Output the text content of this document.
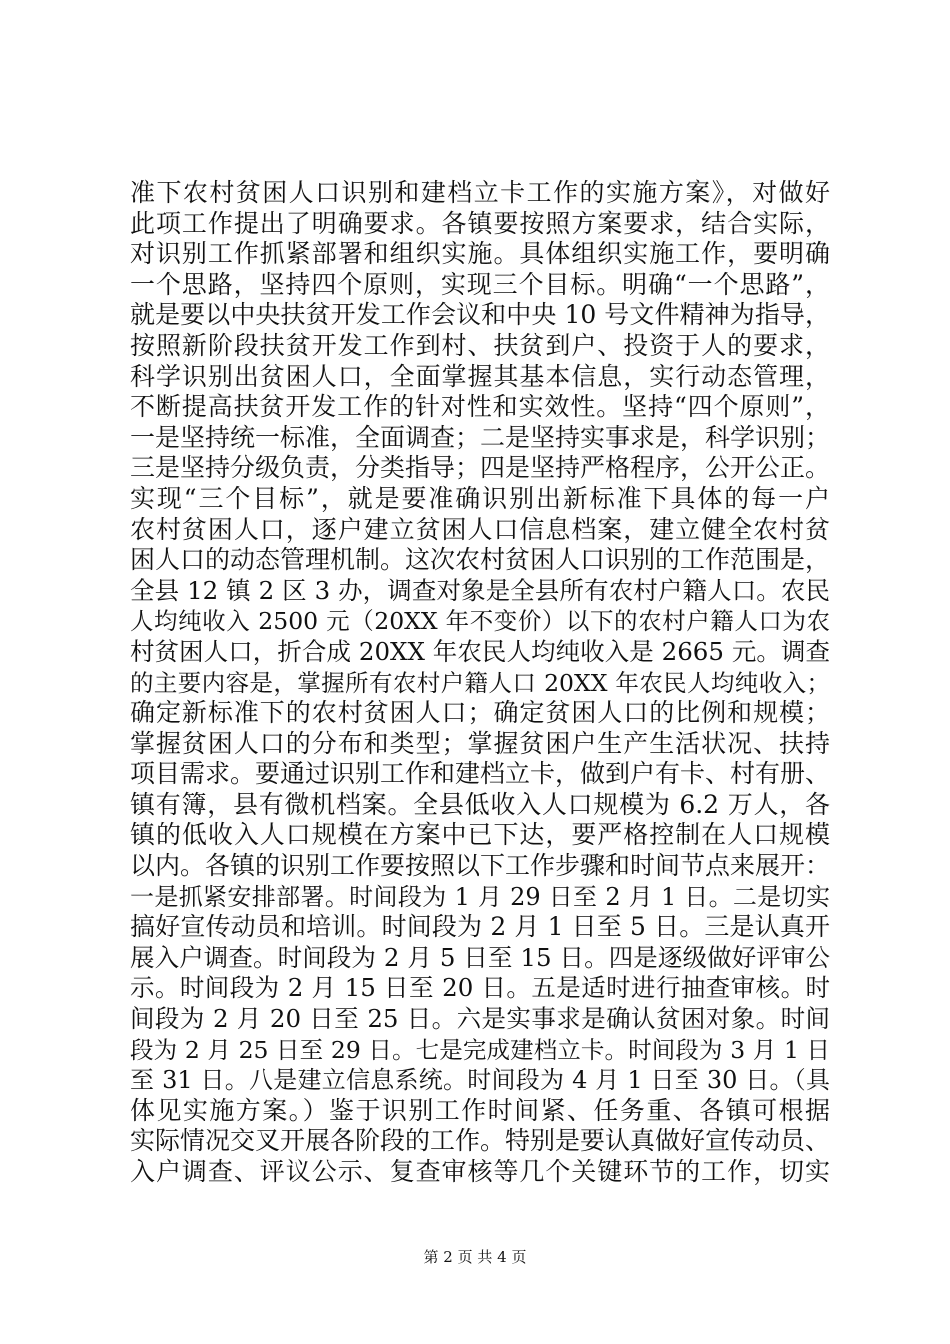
准下农村贫困人口识别和建档立卡工作的实施方案》，对做好
此项工作提出了明确要求。各镇要按照方案要求，结合实际，
对识别工作抓紧部署和组织实施。具体组织实施工作，要明确
一个思路，坚持四个原则，实现三个目标。明确“一个思路”，
就是要以中央扶贫开发工作会议和中央 10 号文件精神为指导，
按照新阶段扶贫开发工作到村、扶贫到户、投资于人的要求，
科学识别出贫困人口，全面掌握其基本信息，实行动态管理，
不断提高扶贫开发工作的针对性和实效性。坚持“四个原则”，
一是坚持统一标准，全面调查；二是坚持实事求是，科学识别；
三是坚持分级负责，分类指导；四是坚持严格程序，公开公正。
实现“三个目标”，就是要准确识别出新标准下具体的每一户
农村贫困人口，逐户建立贫困人口信息档案，建立健全农村贫
困人口的动态管理机制。这次农村贫困人口识别的工作范围是，
全县 12 镇 2 区 3 办，调查对象是全县所有农村户籍人口。农民
人均纯收入 2500 元（20XX 年不变价）以下的农村户籍人口为农
村贫困人口，折合成 20XX 年农民人均纯收入是 2665 元。调查
的主要内容是，掌握所有农村户籍人口 20XX 年农民人均纯收入；
确定新标准下的农村贫困人口；确定贫困人口的比例和规模；
掌握贫困人口的分布和类型；掌握贫困户生产生活状况、扶持
项目需求。要通过识别工作和建档立卡，做到户有卡、村有册、
镇有簿，县有微机档案。全县低收入人口规模为 6.2 万人，各
镇的低收入人口规模在方案中已下达，要严格控制在人口规模
以内。各镇的识别工作要按照以下工作步骤和时间节点来展开：
一是抓紧安排部署。时间段为 1 月 29 日至 2 月 1 日。二是切实
搞好宣传动员和培训。时间段为 2 月 1 日至 5 日。三是认真开
展入户调查。时间段为 2 月 5 日至 15 日。四是逐级做好评审公
示。时间段为 2 月 15 日至 20 日。五是适时进行抽查审核。时
间段为 2 月 20 日至 25 日。六是实事求是确认贫困对象。时间
段为 2 月 25 日至 29 日。七是完成建档立卡。时间段为 3 月 1 日
至 31 日。八是建立信息系统。时间段为 4 月 1 日至 30 日。（具
体见实施方案。）鉴于识别工作时间紧、任务重、各镇可根据
实际情况交叉开展各阶段的工作。特别是要认真做好宣传动员、
入户调查、评议公示、复查审核等几个关键环节的工作，切实
第 2 页 共 4 页
